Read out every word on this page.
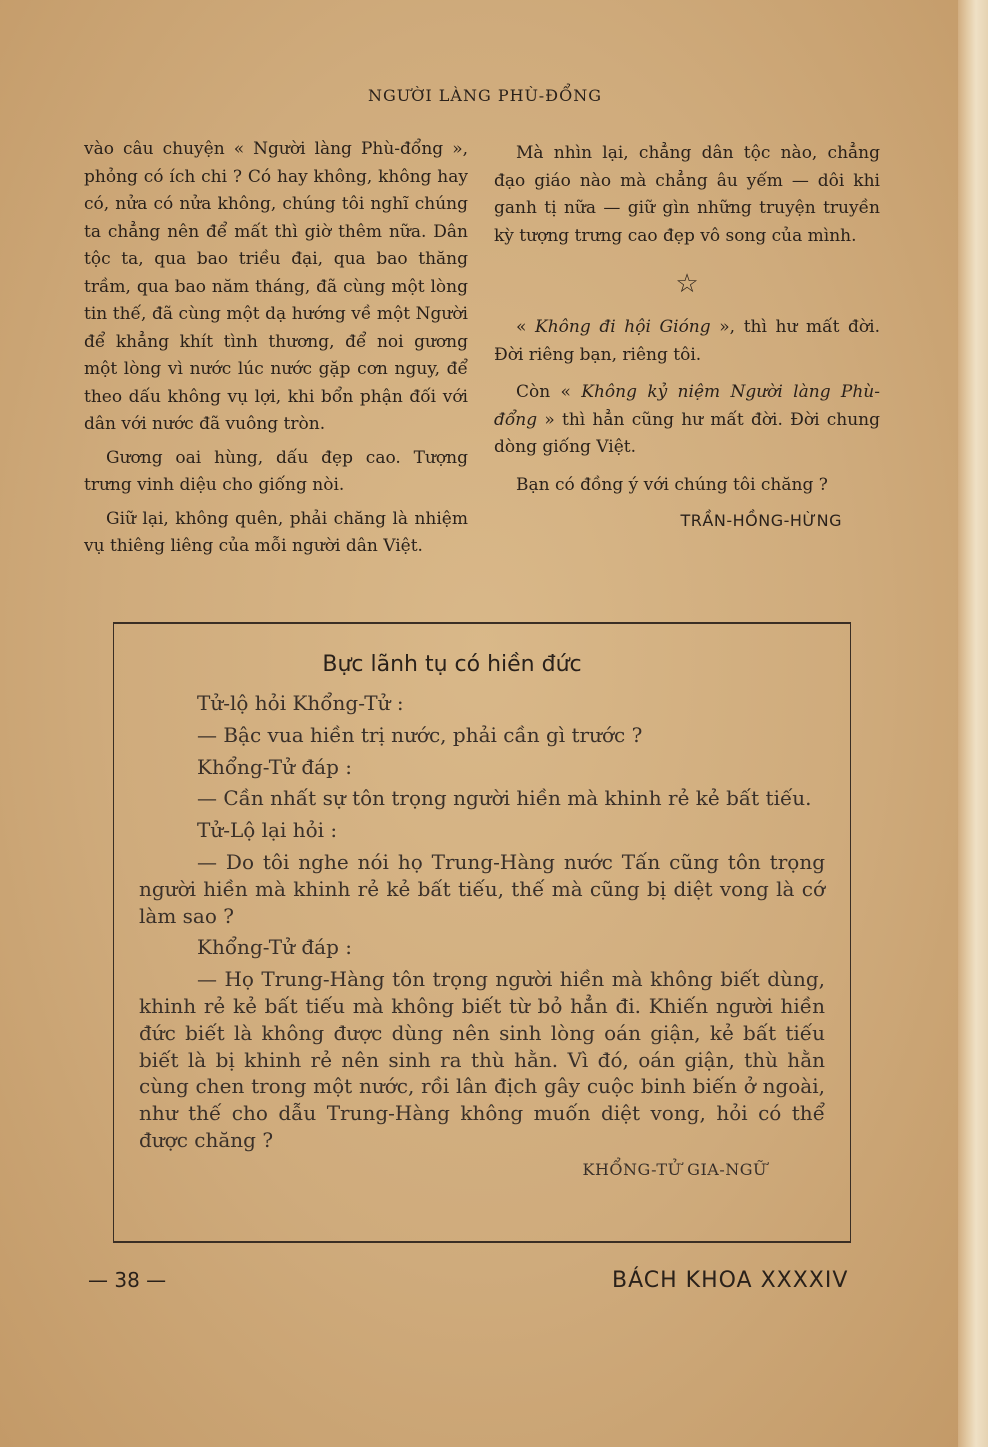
NGƯỜI LÀNG PHÙ-ĐỔNG

vào câu chuyện « Người làng Phù-đổng », phỏng có ích chi ? Có hay không, không hay có, nửa có nửa không, chúng tôi nghĩ chúng ta chẳng nên để mất thì giờ thêm nữa. Dân tộc ta, qua bao triều đại, qua bao thăng trầm, qua bao năm tháng, đã cùng một lòng tin thế, đã cùng một dạ hướng về một Người để khẳng khít tình thương, để noi gương một lòng vì nước lúc nước gặp cơn nguy, để theo dấu không vụ lợi, khi bổn phận đối với dân với nước đã vuông tròn.

Gương oai hùng, dấu đẹp cao. Tượng trưng vinh diệu cho giống nòi.

Giữ lại, không quên, phải chăng là nhiệm vụ thiêng liêng của mỗi người dân Việt.

Mà nhìn lại, chẳng dân tộc nào, chẳng đạo giáo nào mà chẳng âu yếm — dôi khi ganh tị nữa — giữ gìn những truyện truyền kỳ tượng trưng cao đẹp vô song của mình.

☆

« Không đi hội Gióng », thì hư mất đời. Đời riêng bạn, riêng tôi.

Còn « Không kỷ niệm Người làng Phù-đổng » thì hẳn cũng hư mất đời. Đời chung dòng giống Việt.

Bạn có đồng ý với chúng tôi chăng ?

TRẦN-HỒNG-HỪNG
Bực lãnh tụ có hiền đức

Tử-lộ hỏi Khổng-Tử :

— Bậc vua hiền trị nước, phải cần gì trước ?

Khổng-Tử đáp :

— Cần nhất sự tôn trọng người hiền mà khinh rẻ kẻ bất tiếu.

Tử-Lộ lại hỏi :

— Do tôi nghe nói họ Trung-Hàng nước Tấn cũng tôn trọng người hiền mà khinh rẻ kẻ bất tiếu, thế mà cũng bị diệt vong là cớ làm sao ?

Khổng-Tử đáp :

— Họ Trung-Hàng tôn trọng người hiền mà không biết dùng, khinh rẻ kẻ bất tiếu mà không biết từ bỏ hẳn đi. Khiến người hiền đức biết là không được dùng nên sinh lòng oán giận, kẻ bất tiếu biết là bị khinh rẻ nên sinh ra thù hằn. Vì đó, oán giận, thù hằn cùng chen trong một nước, rồi lân địch gây cuộc binh biến ở ngoài, như thế cho dẫu Trung-Hàng không muốn diệt vong, hỏi có thể được chăng ?

KHỔNG-TỬ GIA-NGỮ

— 38 —	BÁCH KHOA XXXXIV
